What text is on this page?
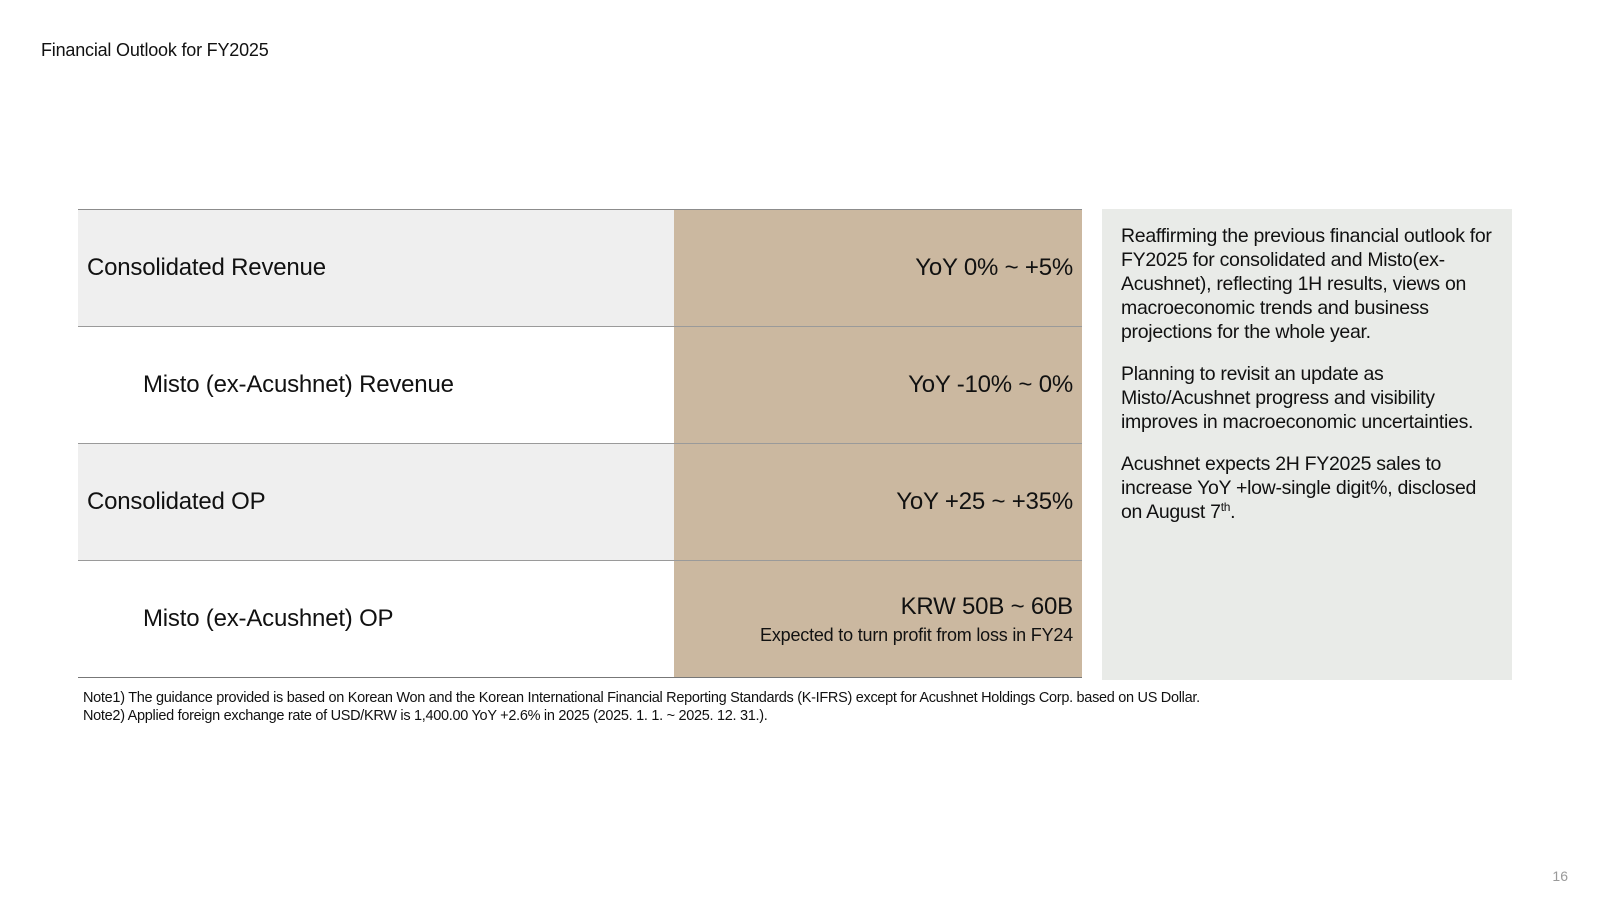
Financial Outlook for FY2025
Consolidated Revenue	YoY 0% ~ +5%
Misto (ex-Acushnet) Revenue	YoY -10% ~ 0%
Consolidated OP	YoY +25 ~ +35%
Misto (ex-Acushnet) OP	KRW 50B ~ 60B
Expected to turn profit from loss in FY24

Reaffirming the previous financial outlook for FY2025 for consolidated and Misto(ex-Acushnet), reflecting 1H results, views on macroeconomic trends and business projections for the whole year.

Planning to revisit an update as Misto/Acushnet progress and visibility improves in macroeconomic uncertainties.

Acushnet expects 2H FY2025 sales to increase YoY +low-single digit%, disclosed on August 7th.

Note1) The guidance provided is based on Korean Won and the Korean International Financial Reporting Standards (K-IFRS) except for Acushnet Holdings Corp. based on US Dollar.
Note2) Applied foreign exchange rate of USD/KRW is 1,400.00 YoY +2.6% in 2025 (2025. 1. 1. ~ 2025. 12. 31.).
16
